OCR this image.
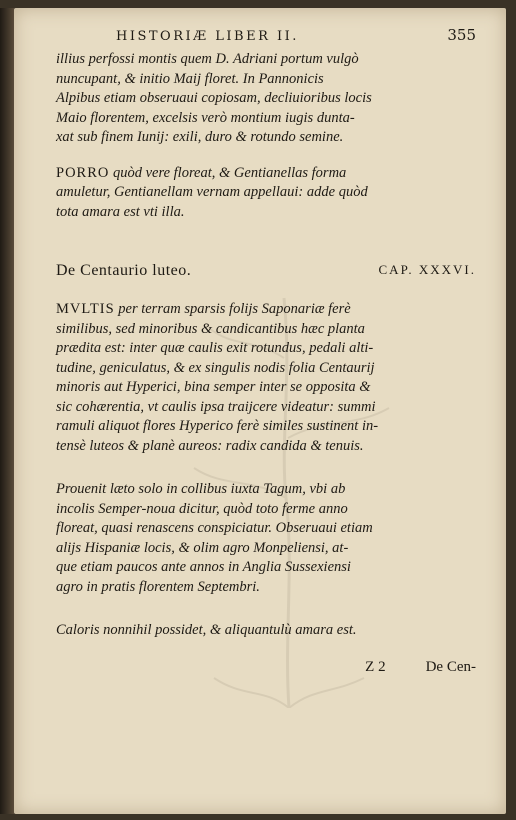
HISTORIÆ LIBER II.	355
illius perfossi montis quem D. Adriani portum vulgò
nuncupant, & initio Maij floret. In Pannonicis
Alpibus etiam obseruaui copiosam, decliuioribus locis
Maio florentem, excelsis verò montium iugis dunta-
xat sub finem Iunij: exili, duro & rotundo semine.
PORRO quòd vere floreat, & Gentianellas forma
amuletur, Gentianellam vernam appellaui: adde quòd
tota amara est vti illa.
De Centaurio luteo.	CAP. XXXVI.
MVLTIS per terram sparsis folijs Saponariæ ferè
similibus, sed minoribus & candicantibus hæc planta
prædita est: inter quæ caulis exit rotundus, pedali alti-
tudine, geniculatus, & ex singulis nodis folia Centaurij
minoris aut Hyperici, bina semper inter se opposita &
sic cohærentia, vt caulis ipsa traijcere videatur: summi
ramuli aliquot flores Hyperico ferè similes sustinent in-
tensè luteos & planè aureos: radix candida & tenuis.
Prouenit læto solo in collibus iuxta Tagum, vbi ab
incolis Semper-noua dicitur, quòd toto ferme anno
floreat, quasi renascens conspiciatur. Obseruaui etiam
alijs Hispaniæ locis, & olim agro Monpeliensi, at-
que etiam paucos ante annos in Anglia Sussexiensi
agro in pratis florentem Septembri.
Caloris nonnihil possidet, & aliquantulù amara est.
Z 2	De Cen-
